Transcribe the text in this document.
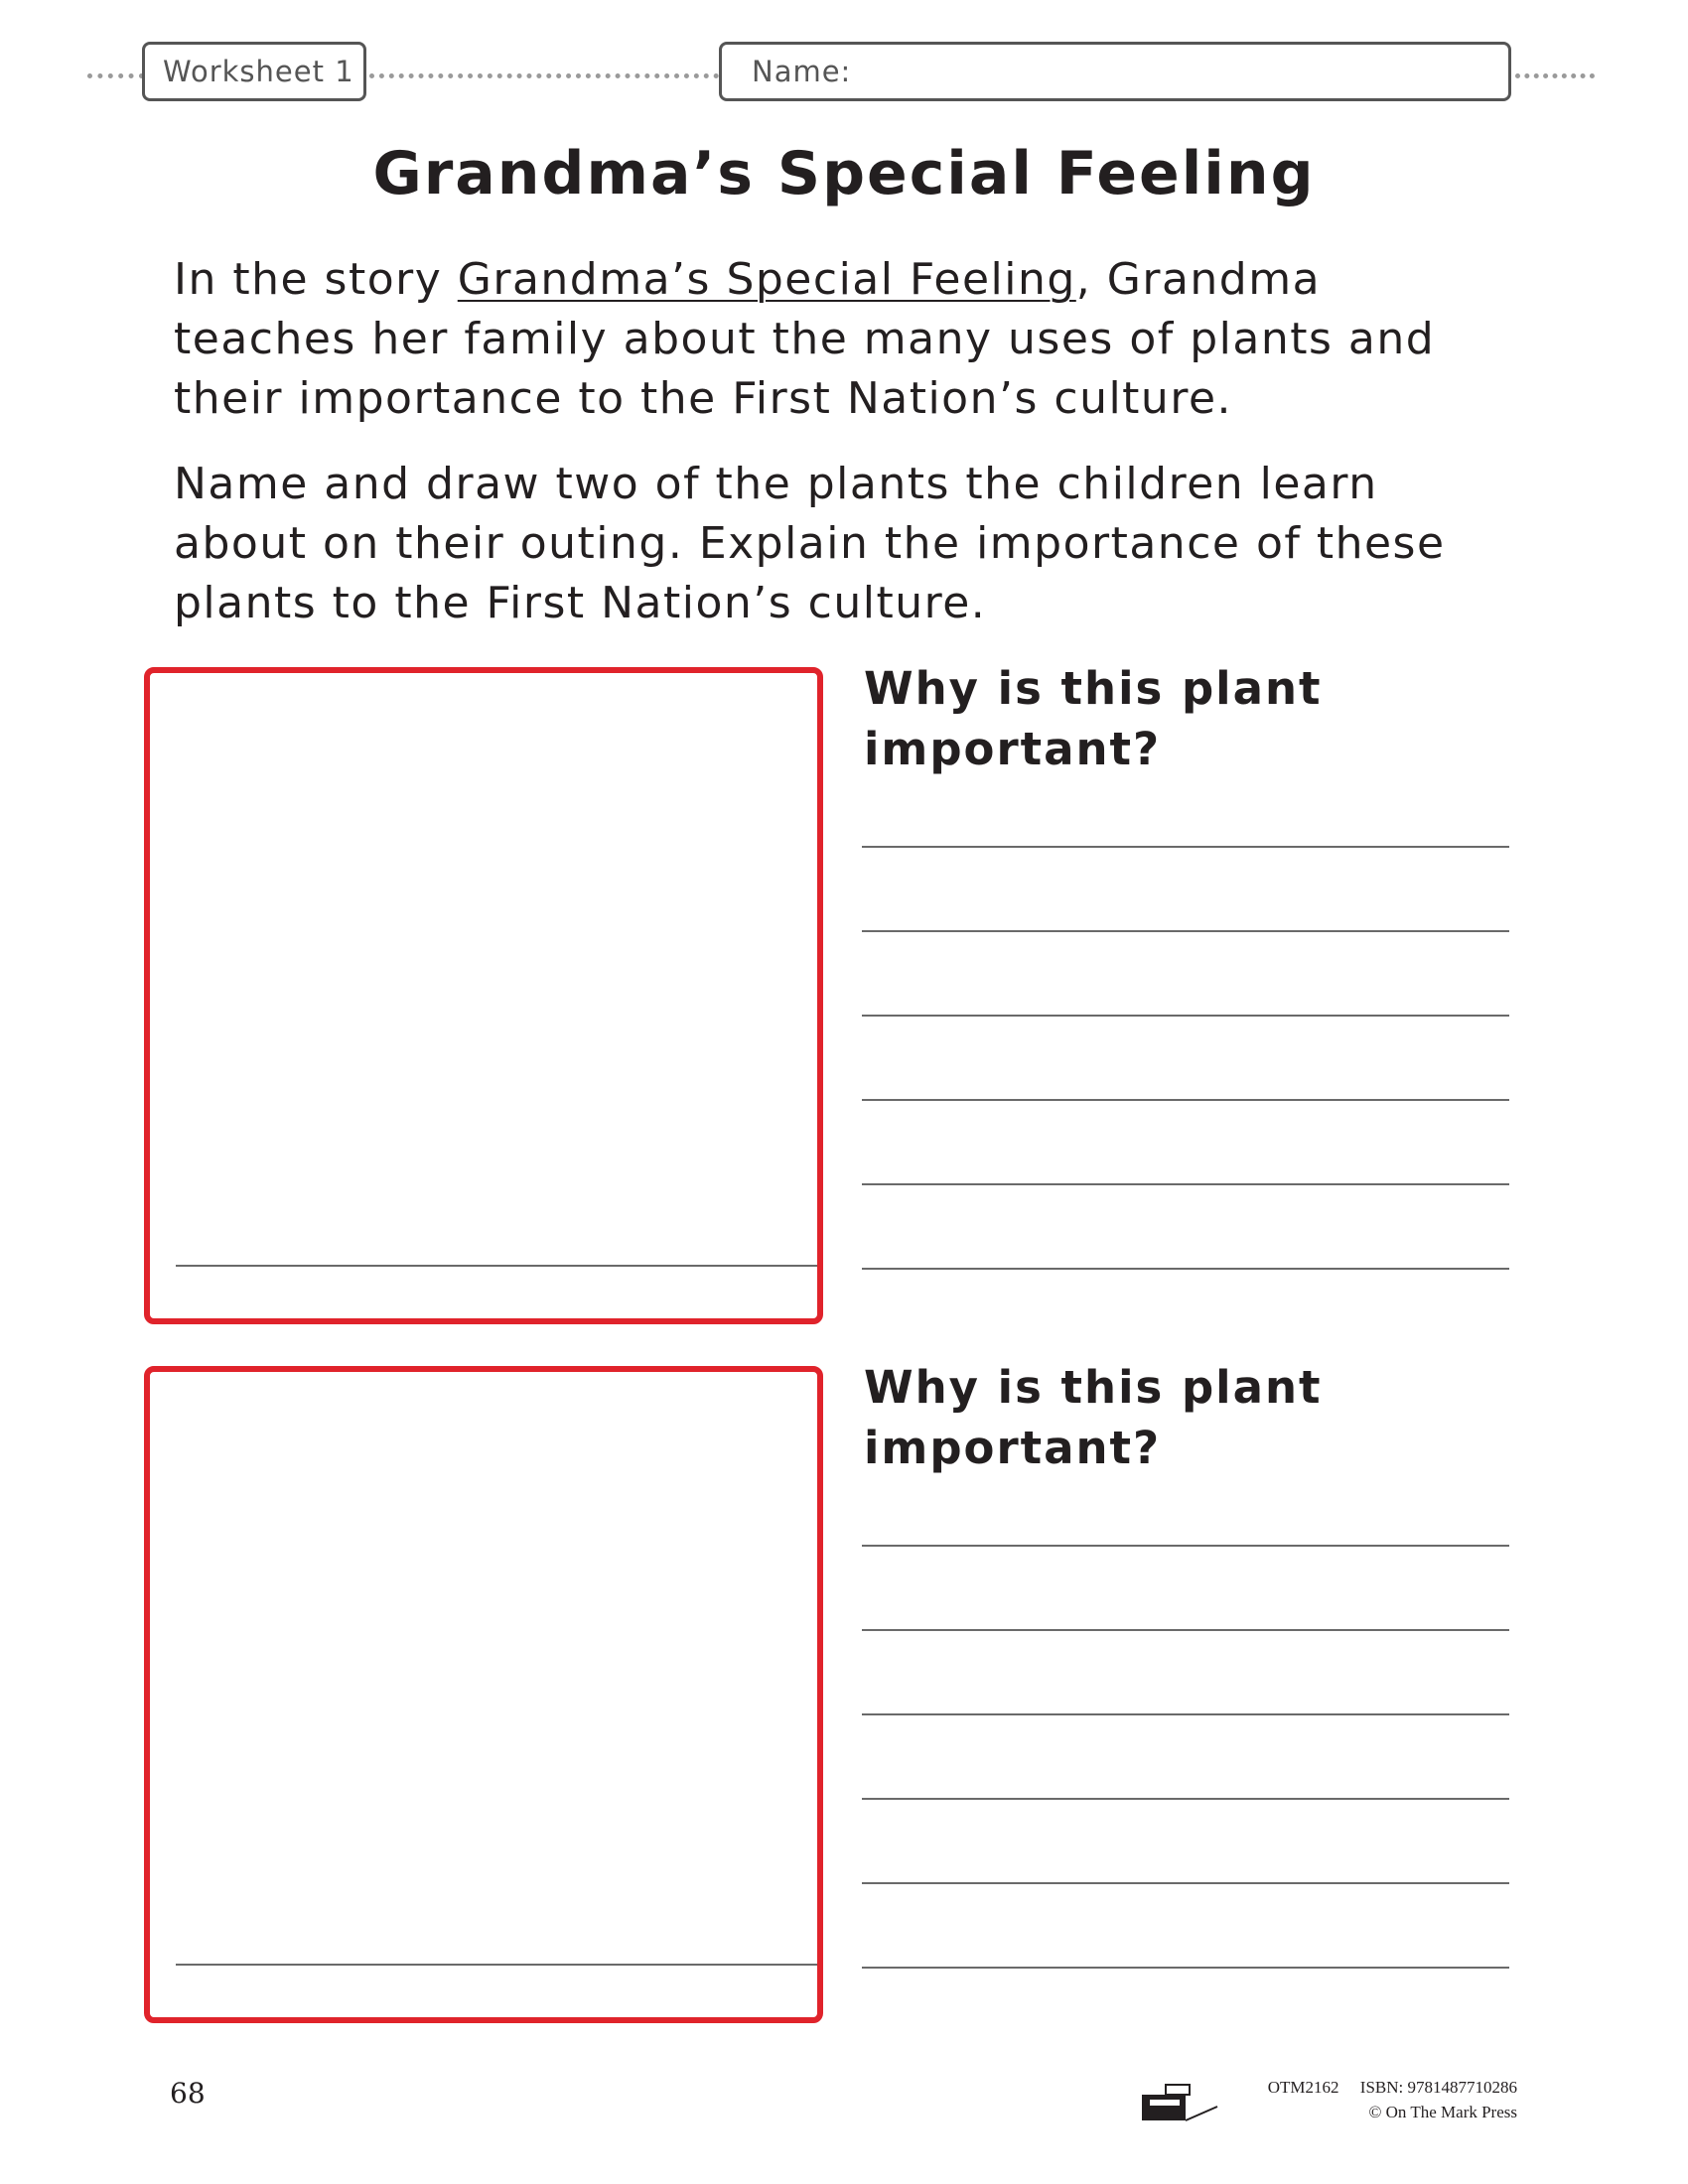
Worksheet 1	Name:
Grandma’s Special Feeling

In the story Grandma’s Special Feeling, Grandma teaches her family about the many uses of plants and their importance to the First Nation’s culture.

Name and draw two of the plants the children learn about on their outing. Explain the importance of these plants to the First Nation’s culture.

Why is this plant important?

Why is this plant important?

68	OTM2162 ISBN: 9781487710286
© On The Mark Press
